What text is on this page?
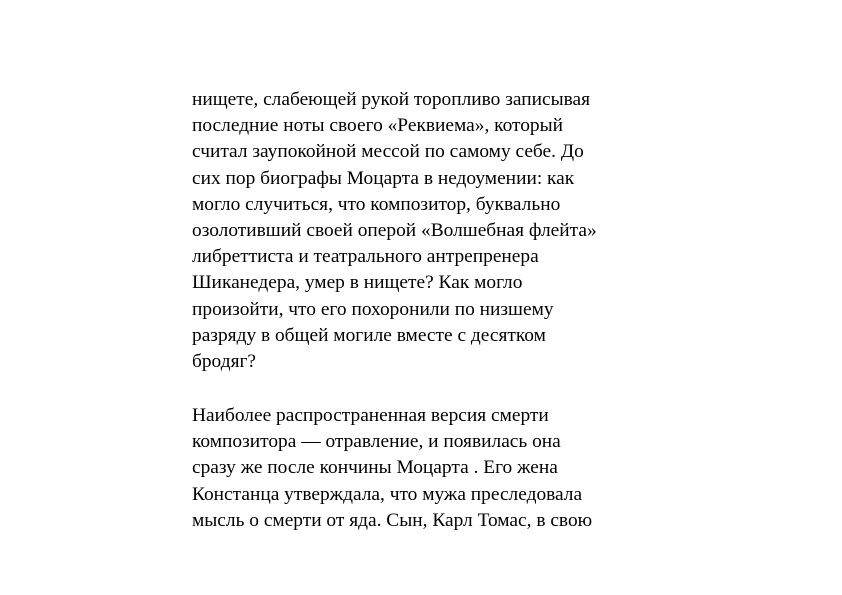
нищете, слабеющей рукой торопливо записывая
последние ноты своего «Реквиема», который
считал заупокойной мессой по самому себе. До
сих пор биографы Моцарта в недоумении: как
могло случиться, что композитор, буквально
озолотивший своей оперой «Волшебная флейта»
либреттиста и театрального антрепренера
Шиканедера, умер в нищете? Как могло
произойти, что его похоронили по низшему
разряду в общей могиле вместе с десятком
бродяг?
Наиболее распространенная версия смерти
композитора — отравление, и появилась она
сразу же после кончины Моцарта . Его жена
Констанца утверждала, что мужа преследовала
мысль о смерти от яда. Сын, Карл Томас, в свою
